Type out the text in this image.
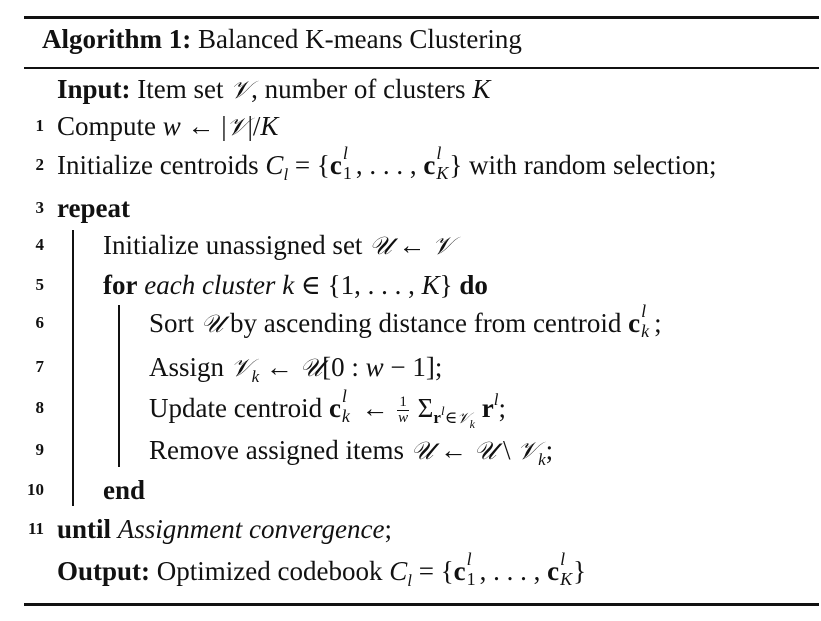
Algorithm 1: Balanced K-means Clustering
Input: Item set 𝒱, number of clusters K
1 Compute w ← |𝒱|/K
2 Initialize centroids $C_l = \{c$ l
1 , . . . , c l
K } with random selection;
3 repeat
4 Initialize unassigned set 𝒰 ← 𝒱
5 for each cluster k ∈ {1, . . . , K} do
6	Sort 𝒰 by ascending distance from centroid c l
k ;
7	Assign 𝒱$_k$ ← 𝒰[0 : w − 1];
8	Update centroid c l
k ← $\frac{1}{w} \Sigma_{r^l\in 𝒱_k}$ $r^l$;
9	Remove assigned items 𝒰 ← 𝒰 \ 𝒱$_k$;
10 end
11 until Assignment convergence;
Output: Optimized codebook $C_l = \{c$ l
1 , . . . , c l
K }
